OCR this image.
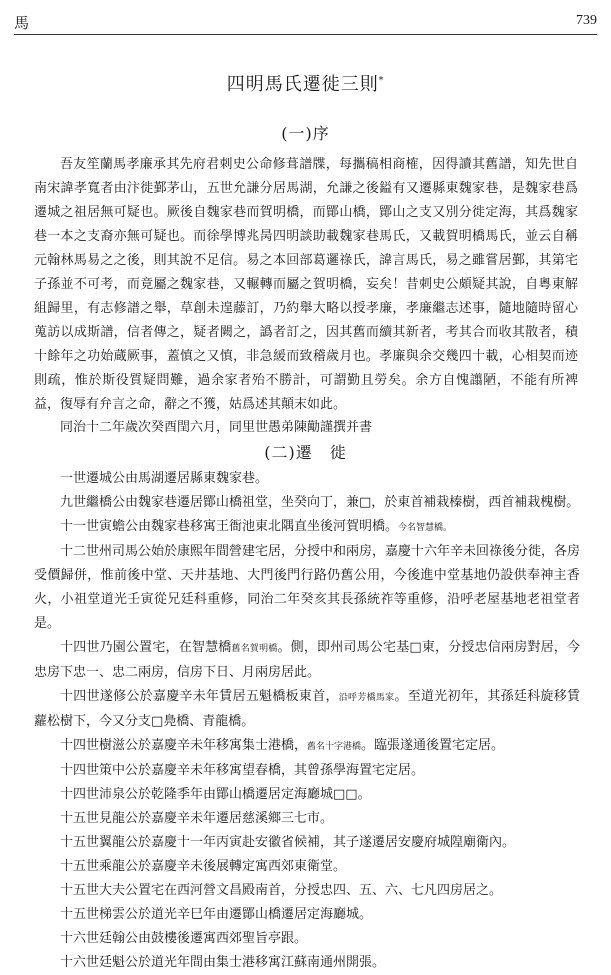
馬	739
四明馬氏遷徙三則*
(一)序

吾友笙蘭馬孝廉承其先府君刺史公命修葺譜牒，每攜稿相商榷，因得讀其舊譜，知先世自南宋諱孝寬者由汴徙鄞茅山，五世允謙分居馬湖，允謙之後鎰有又遷縣東魏家巷，是魏家巷爲遷城之祖居無可疑也。厥後自魏家巷而賀明橋，而鄮山橋，鄮山之支又別分徙定海，其爲魏家巷一本之支裔亦無可疑也。而徐學博兆昺四明談助載魏家巷馬氏，又載賀明橋馬氏，並云自稱元翰林馬易之之後，則其說不足信。易之本回部葛邏祿氏，諱言馬氏，易之雖嘗居鄞，其第宅子孫並不可考，而竟屬之魏家巷，又輾轉而屬之賀明橋，妄矣！昔刺史公頗疑其說，自粵東解組歸里，有志修譜之舉，草創未遑藤訂，乃約舉大略以授孝廉，孝廉繼志述事，隨地隨時留心蒐訪以成斯譜，信者傳之，疑者闕之，譌者訂之，因其舊而續其新者，考其合而收其散者，積十餘年之功始蔵厥事，蓋慎之又慎，非急緩而致稽歲月也。孝廉與余交幾四十載，心相契而迹則疏，惟於斯役質疑問難，過余家者殆不勝計，可謂勤且勞矣。余方自愧譾陋，不能有所裨益，復辱有弁言之命，辭之不獲，姑爲述其顛末如此。

同治十二年歲次癸酉閏六月，同里世愚弟陳勱謹撰并書
(二)遷　徙

一世遷城公由馬湖遷居縣東魏家巷。

九世繼橋公由魏家巷遷居鄮山橋祖堂，坐癸向丁，兼□，於東首補栽榛樹，西首補栽槐樹。

十一世寅蟾公由魏家巷移寓王衙池東北隅直坐後河賀明橋。今名智慧橋。

十二世州司馬公始於康熙年間營建宅居，分授中和兩房，嘉慶十六年辛未回祿後分徙，各房受價歸併，惟前後中堂、天井基地、大門後門行路仍舊公用，今後進中堂基地仍設供奉神主香火，小祖堂道光壬寅從兄廷科重修，同治二年癸亥其長孫統祚等重修，沿呼老屋基地老祖堂者是。

十四世乃園公置宅，在智慧橋舊名賀明橋。側，即州司馬公宅基□東，分授忠信兩房對居，今忠房下忠一、忠二兩房，信房下日、月兩房居此。

十四世遂修公於嘉慶辛未年賃居五魁橋板東首，沿呼芳橋馬家。至道光初年，其孫廷科旋移賃蘿松樹下，今又分支□鳧橋、青龍橋。

十四世樹滋公於嘉慶辛未年移寓集士港橋，舊名十字港橋。臨張遂通後置宅定居。

十四世策中公於嘉慶辛未年移寓望春橋，其曾孫學海置宅定居。

十四世沛泉公於乾隆季年由鄮山橋遷居定海廳城□□。

十五世見龍公於嘉慶辛未年遷居慈溪鄉三七市。

十五世翼龍公於嘉慶十一年丙寅赴安徽省候補，其子遂遷居安慶府城隍廟衛內。

十五世乘龍公於嘉慶辛未後展轉定寓西郊東衛堂。

十五世大夫公置宅在西河營文昌殿南首，分授忠四、五、六、七凡四房居之。

十五世梯雲公於道光辛巳年由遷鄮山橋遷居定海廳城。

十六世廷翰公由鼓樓後遷寓西郊聖旨亭跟。

十六世廷魁公於道光年間由集士港移寓江蘇南通州開張。
